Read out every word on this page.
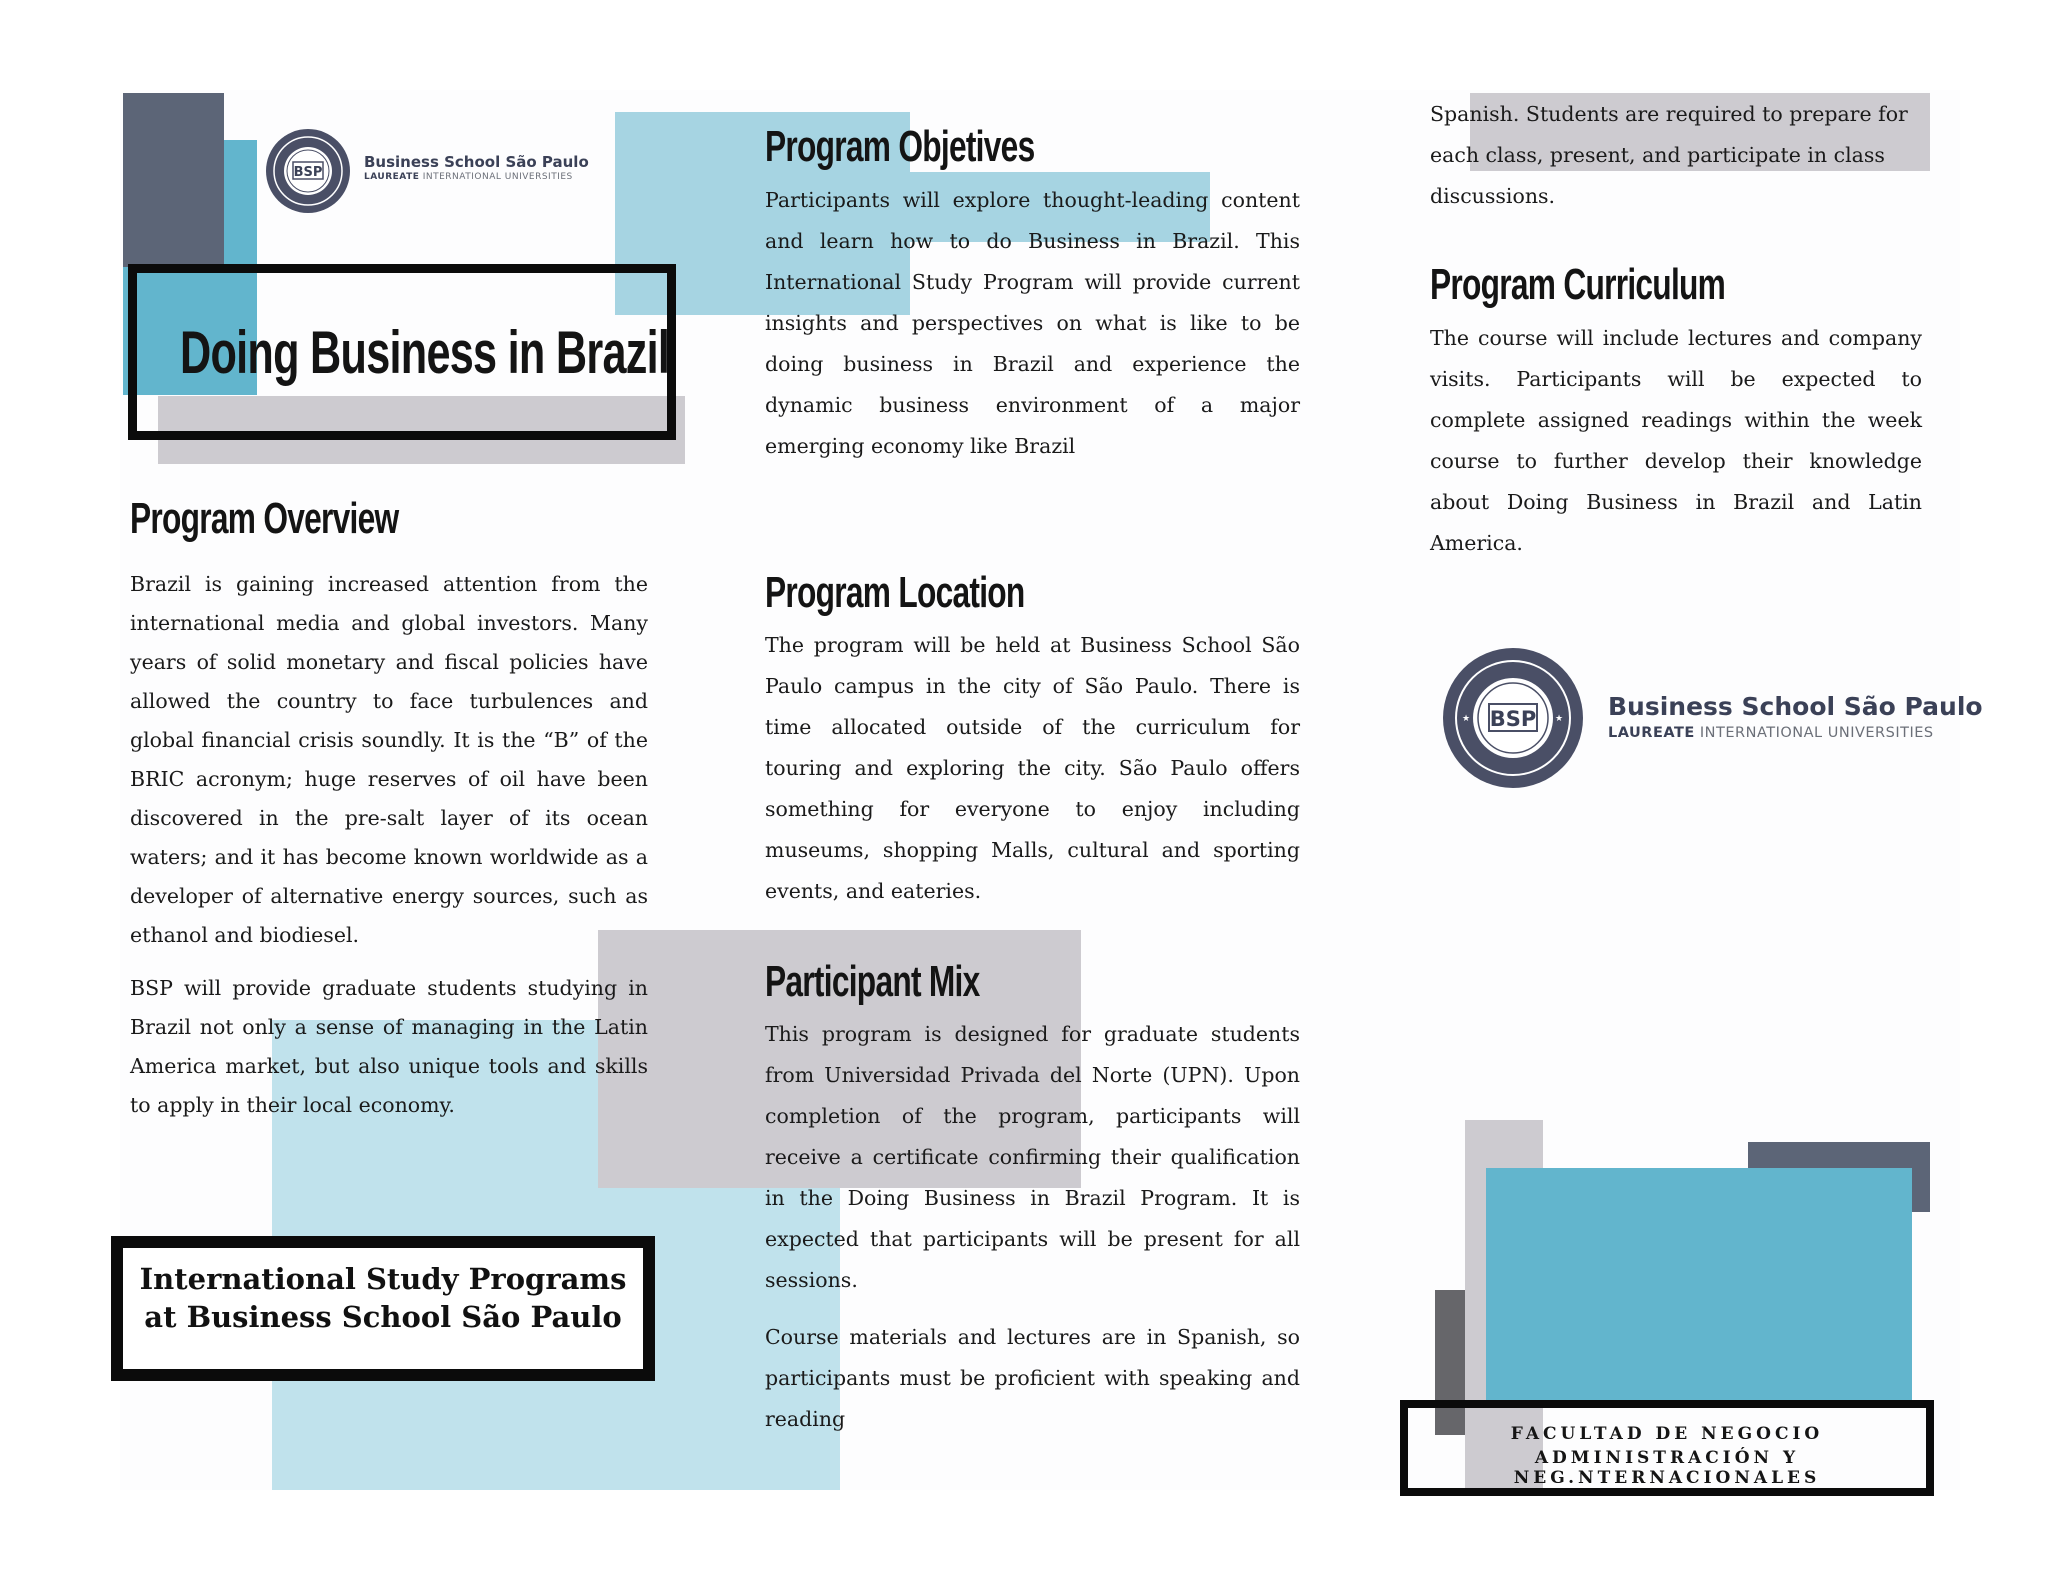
BSP
Business School São Paulo
LAUREATE INTERNATIONAL UNIVERSITIES
Doing Business in Brazil
Program Overview

Brazil is gaining increased attention from the international media and global investors. Many years of solid monetary and fiscal policies have allowed the country to face turbulences and global financial crisis soundly. It is the “B” of the BRIC acronym; huge reserves of oil have been discovered in the pre-salt layer of its ocean waters; and it has become known worldwide as a developer of alternative energy sources, such as ethanol and biodiesel.

BSP will provide graduate students studying in Brazil not only a sense of managing in the Latin America market, but also unique tools and skills to apply in their local economy.

International Study Programs
at Business School São Paulo
Program Objetives

Participants will explore thought-leading content and learn how to do Business in Brazil. This International Study Program will provide current insights and perspectives on what is like to be doing business in Brazil and experience the dynamic business environment of a major emerging economy like Brazil

Program Location

The program will be held at Business School São Paulo campus in the city of São Paulo. There is time allocated outside of the curriculum for touring and exploring the city. São Paulo offers something for everyone to enjoy including museums, shopping Malls, cultural and sporting events, and eateries.

Participant Mix

This program is designed for graduate students from Universidad Privada del Norte (UPN). Upon completion of the program, participants will receive a certificate confirming their qualification in the Doing Business in Brazil Program. It is expected that participants will be present for all sessions.

Course materials and lectures are in Spanish, so participants must be proficient with speaking and reading

Spanish. Students are required to prepare for each class, present, and participate in class discussions.

Program Curriculum

The course will include lectures and company visits. Participants will be expected to complete assigned readings within the week course to further develop their knowledge about Doing Business in Brazil and Latin America.

BSP
★	★ Business School São Paulo
LAUREATE INTERNATIONAL UNIVERSITIES
FACULTAD DE NEGOCIO
ADMINISTRACIÓN Y NEG.NTERNACIONALES
